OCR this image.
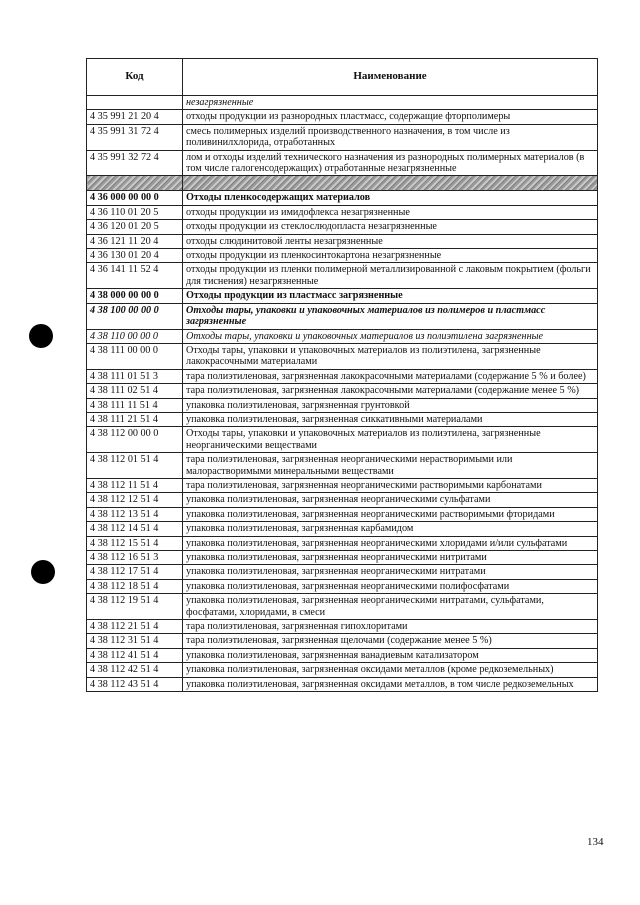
Код	Наименование
	незагрязненные
4 35 991 21 20 4	отходы продукции из разнородных пластмасс, содержащие фторполимеры
4 35 991 31 72 4	смесь полимерных изделий производственного назначения, в том числе из поливинилхлорида, отработанных
4 35 991 32 72 4	лом и отходы изделий технического назначения из разнородных полимерных материалов (в том числе галогенсодержащих) отработанные незагрязненные

4 36 000 00 00 0	Отходы пленкосодержащих материалов
4 36 110 01 20 5	отходы продукции из имидофлекса незагрязненные
4 36 120 01 20 5	отходы продукции из стеклослюдопласта незагрязненные
4 36 121 11 20 4	отходы слюдинитовой ленты незагрязненные
4 36 130 01 20 4	отходы продукции из пленкосинтокартона незагрязненные
4 36 141 11 52 4	отходы продукции из пленки полимерной металлизированной с лаковым покрытием (фольги для тиснения) незагрязненные
4 38 000 00 00 0	Отходы продукции из пластмасс загрязненные
4 38 100 00 00 0	Отходы тары, упаковки и упаковочных материалов из полимеров и пластмасс загрязненные
4 38 110 00 00 0	Отходы тары, упаковки и упаковочных материалов из полиэтилена загрязненные
4 38 111 00 00 0	Отходы тары, упаковки и упаковочных материалов из полиэтилена, загрязненные лакокрасочными материалами
4 38 111 01 51 3	тара полиэтиленовая, загрязненная лакокрасочными материалами (содержание 5 % и более)
4 38 111 02 51 4	тара полиэтиленовая, загрязненная лакокрасочными материалами (содержание менее 5 %)
4 38 111 11 51 4	упаковка полиэтиленовая, загрязненная грунтовкой
4 38 111 21 51 4	упаковка полиэтиленовая, загрязненная сиккативными материалами
4 38 112 00 00 0	Отходы тары, упаковки и упаковочных материалов из полиэтилена, загрязненные неорганическими веществами
4 38 112 01 51 4	тара полиэтиленовая, загрязненная неорганическими нерастворимыми или малорастворимыми минеральными веществами
4 38 112 11 51 4	тара полиэтиленовая, загрязненная неорганическими растворимыми карбонатами
4 38 112 12 51 4	упаковка полиэтиленовая, загрязненная неорганическими сульфатами
4 38 112 13 51 4	упаковка полиэтиленовая, загрязненная неорганическими растворимыми фторидами
4 38 112 14 51 4	упаковка полиэтиленовая, загрязненная карбамидом
4 38 112 15 51 4	упаковка полиэтиленовая, загрязненная неорганическими хлоридами и/или сульфатами
4 38 112 16 51 3	упаковка полиэтиленовая, загрязненная неорганическими нитритами
4 38 112 17 51 4	упаковка полиэтиленовая, загрязненная неорганическими нитратами
4 38 112 18 51 4	упаковка полиэтиленовая, загрязненная неорганическими полифосфатами
4 38 112 19 51 4	упаковка полиэтиленовая, загрязненная неорганическими нитратами, сульфатами, фосфатами, хлоридами, в смеси
4 38 112 21 51 4	тара полиэтиленовая, загрязненная гипохлоритами
4 38 112 31 51 4	тара полиэтиленовая, загрязненная щелочами (содержание менее 5 %)
4 38 112 41 51 4	упаковка полиэтиленовая, загрязненная ванадиевым катализатором
4 38 112 42 51 4	упаковка полиэтиленовая, загрязненная оксидами металлов (кроме редкоземельных)
4 38 112 43 51 4	упаковка полиэтиленовая, загрязненная оксидами металлов, в том числе редкоземельных
134
